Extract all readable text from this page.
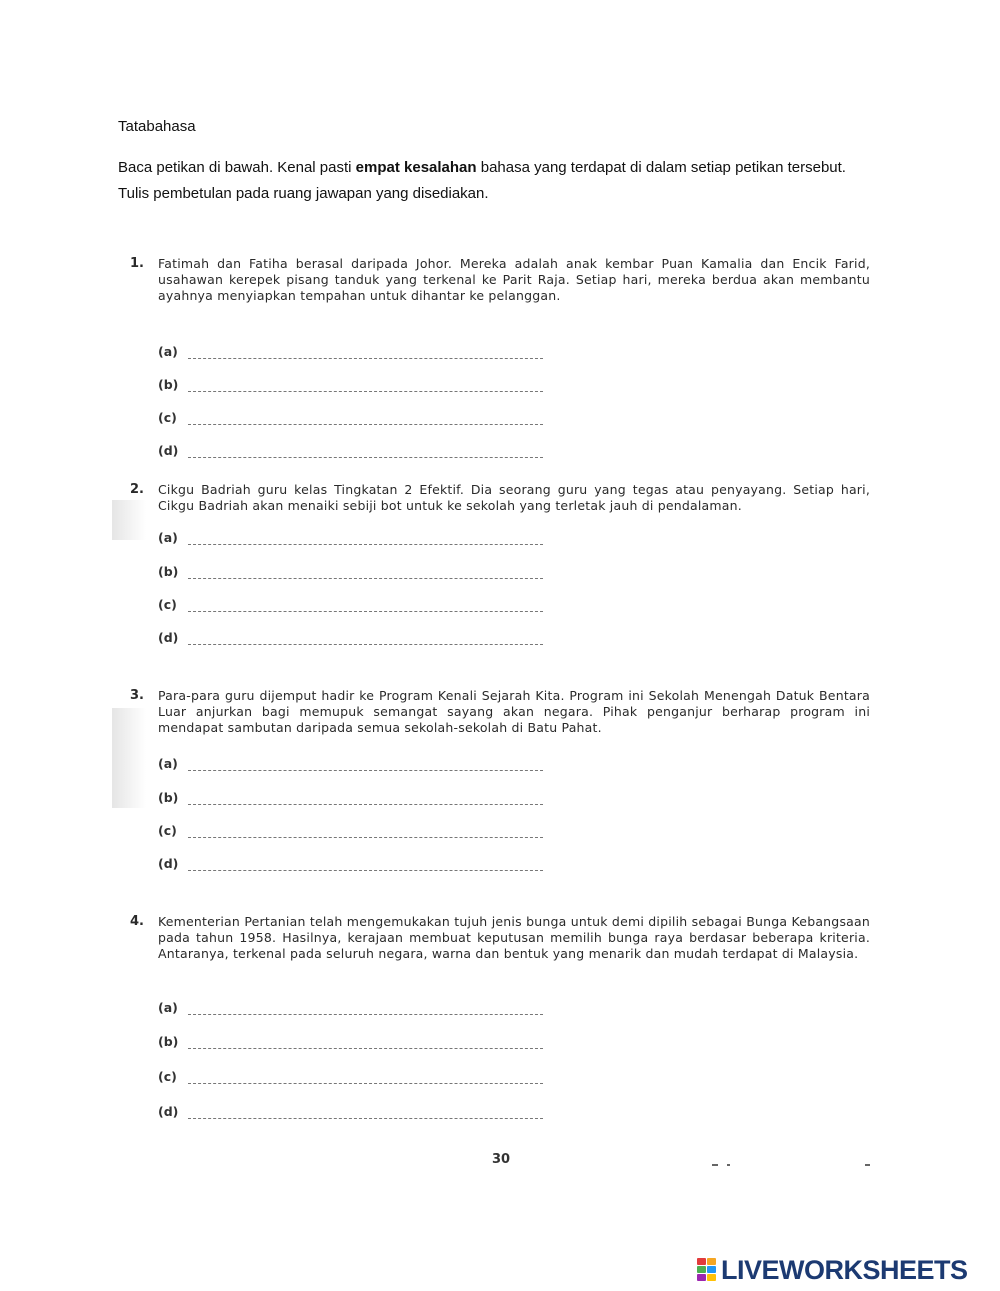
Tatabahasa
Baca petikan di bawah. Kenal pasti empat kesalahan bahasa yang terdapat di dalam setiap petikan tersebut. Tulis pembetulan pada ruang jawapan yang disediakan.
1. Fatimah dan Fatiha berasal daripada Johor. Mereka adalah anak kembar Puan Kamalia dan Encik Farid, usahawan kerepek pisang tanduk yang terkenal ke Parit Raja. Setiap hari, mereka berdua akan membantu ayahnya menyiapkan tempahan untuk dihantar ke pelanggan.
(a)
(b)
(c)
(d)
2. Cikgu Badriah guru kelas Tingkatan 2 Efektif. Dia seorang guru yang tegas atau penyayang. Setiap hari, Cikgu Badriah akan menaiki sebiji bot untuk ke sekolah yang terletak jauh di pendalaman.
(a)
(b)
(c)
(d)
3. Para-para guru dijemput hadir ke Program Kenali Sejarah Kita. Program ini Sekolah Menengah Datuk Bentara Luar anjurkan bagi memupuk semangat sayang akan negara. Pihak penganjur berharap program ini mendapat sambutan daripada semua sekolah-sekolah di Batu Pahat.
(a)
(b)
(c)
(d)
4. Kementerian Pertanian telah mengemukakan tujuh jenis bunga untuk demi dipilih sebagai Bunga Kebangsaan pada tahun 1958. Hasilnya, kerajaan membuat keputusan memilih bunga raya berdasar beberapa kriteria. Antaranya, terkenal pada seluruh negara, warna dan bentuk yang menarik dan mudah terdapat di Malaysia.
(a)
(b)
(c)
(d)
30
LIVEWORKSHEETS
